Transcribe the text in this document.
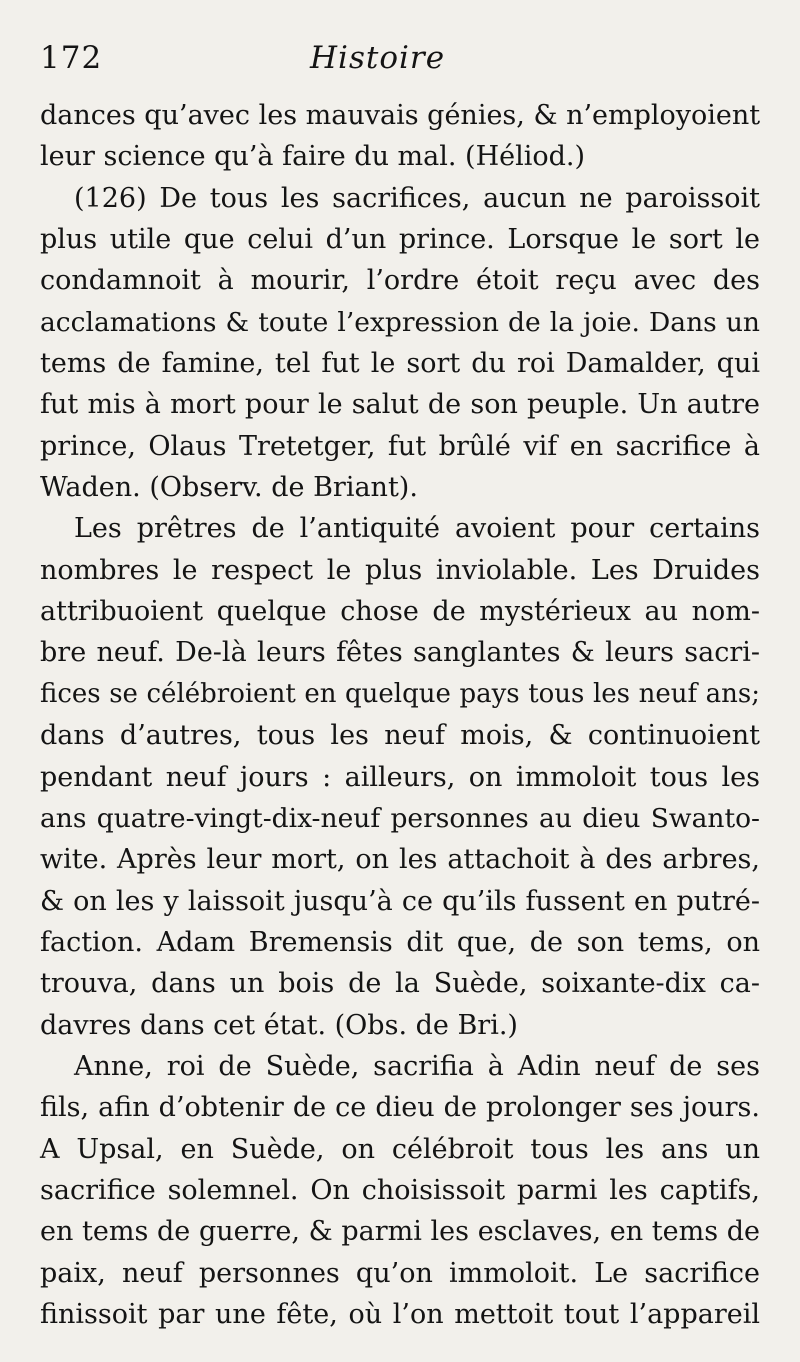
172	Histoire
dances qu’avec les mauvais génies, & n’employoient
leur science qu’à faire du mal. (Héliod.)
(126) De tous les sacrifices, aucun ne paroissoit
plus utile que celui d’un prince. Lorsque le sort le
condamnoit à mourir, l’ordre étoit reçu avec des
acclamations & toute l’expression de la joie. Dans un
tems de famine, tel fut le sort du roi Damalder, qui
fut mis à mort pour le salut de son peuple. Un autre
prince, Olaus Tretetger, fut brûlé vif en sacrifice à
Waden. (Observ. de Briant).
Les prêtres de l’antiquité avoient pour certains
nombres le respect le plus inviolable. Les Druides
attribuoient quelque chose de mystérieux au nom-
bre neuf. De-là leurs fêtes sanglantes & leurs sacri-
fices se célébroient en quelque pays tous les neuf ans;
dans d’autres, tous les neuf mois, & continuoient
pendant neuf jours : ailleurs, on immoloit tous les
ans quatre-vingt-dix-neuf personnes au dieu Swanto-
wite. Après leur mort, on les attachoit à des arbres,
& on les y laissoit jusqu’à ce qu’ils fussent en putré-
faction. Adam Bremensis dit que, de son tems, on
trouva, dans un bois de la Suède, soixante-dix ca-
davres dans cet état. (Obs. de Bri.)
Anne, roi de Suède, sacrifia à Adin neuf de ses
fils, afin d’obtenir de ce dieu de prolonger ses jours.
A Upsal, en Suède, on célébroit tous les ans un
sacrifice solemnel. On choisissoit parmi les captifs,
en tems de guerre, & parmi les esclaves, en tems de
paix, neuf personnes qu’on immoloit. Le sacrifice
finissoit par une fête, où l’on mettoit tout l’appareil
